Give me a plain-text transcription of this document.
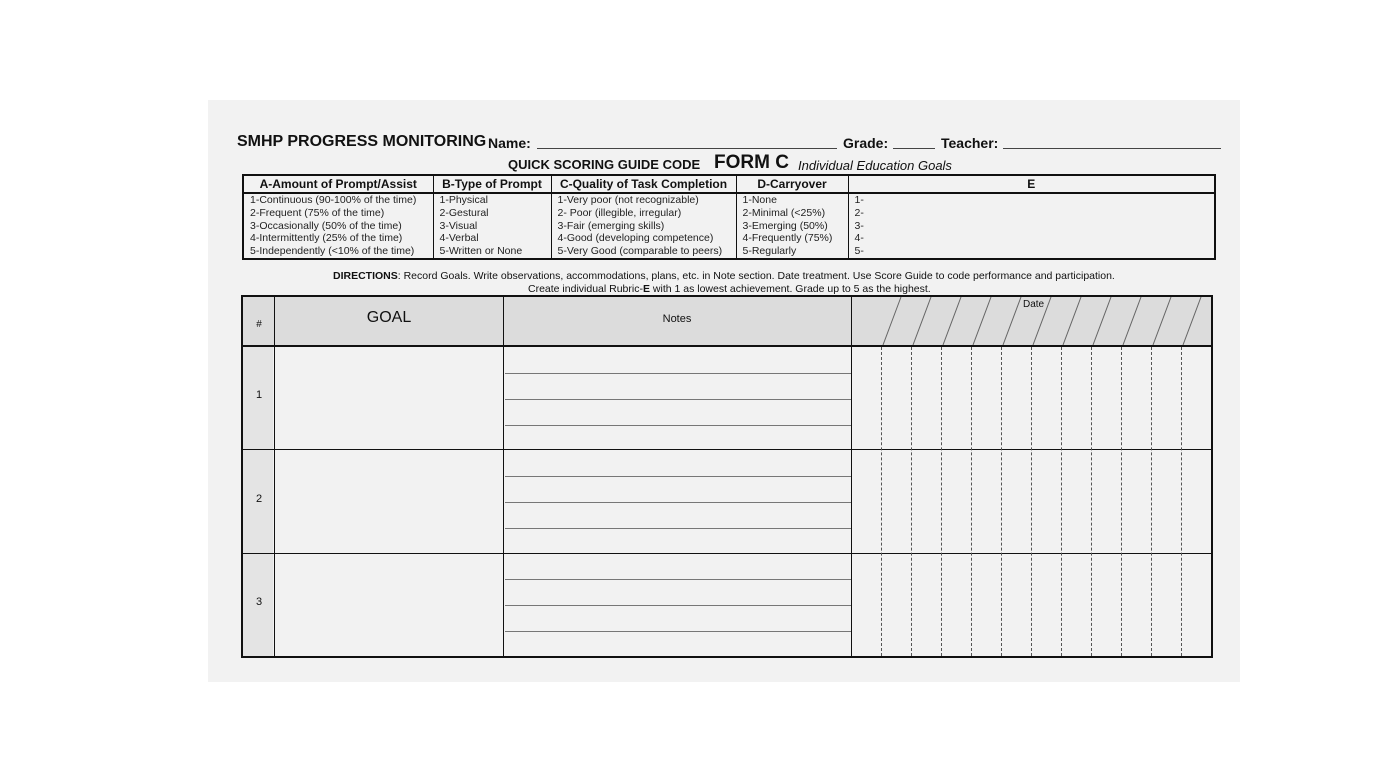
SMHP PROGRESS MONITORING Name:	Grade:	Teacher:
QUICK SCORING GUIDE CODE FORM C Individual Education Goals
A-Amount of Prompt/Assist	B-Type of Prompt	C-Quality of Task Completion	D-Carryover	E
1-Continuous (90-100% of the time)	1-Physical	1-Very poor (not recognizable)	1-None	1-
2-Frequent (75% of the time)	2-Gestural	2- Poor (illegible, irregular)	2-Minimal (<25%)	2-
3-Occasionally (50% of the time)	3-Visual	3-Fair (emerging skills)	3-Emerging (50%)	3-
4-Intermittently (25% of the time)	4-Verbal	4-Good (developing competence)	4-Frequently (75%)	4-
5-Independently (<10% of the time)	5-Written or None	5-Very Good (comparable to peers)	5-Regularly	5-
DIRECTIONS: Record Goals. Write observations, accommodations, plans, etc. in Note section. Date treatment. Use Score Guide to code performance and participation.
Create individual Rubric-E with 1 as lowest achievement. Grade up to 5 as the highest.
#	GOAL	Notes
Date
1
2
3
